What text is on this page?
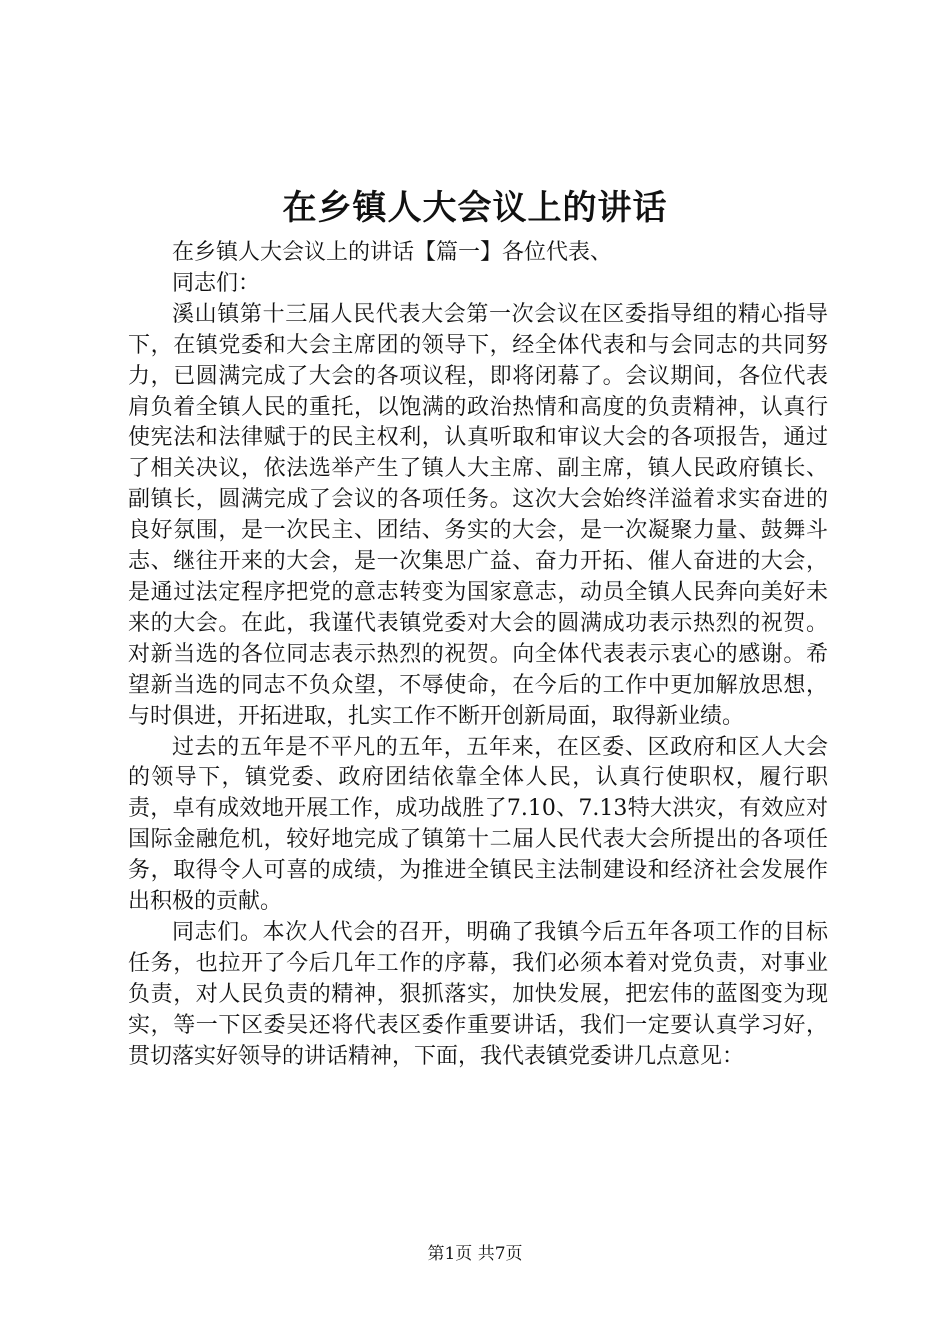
在乡镇人大会议上的讲话

在乡镇人大会议上的讲话【篇一】各位代表、

同志们：

溪山镇第十三届人民代表大会第一次会议在区委指导组的精心指导下，在镇党委和大会主席团的领导下，经全体代表和与会同志的共同努力，已圆满完成了大会的各项议程，即将闭幕了。会议期间，各位代表肩负着全镇人民的重托，以饱满的政治热情和高度的负责精神，认真行使宪法和法律赋于的民主权利，认真听取和审议大会的各项报告，通过了相关决议，依法选举产生了镇人大主席、副主席，镇人民政府镇长、副镇长，圆满完成了会议的各项任务。这次大会始终洋溢着求实奋进的良好氛围，是一次民主、团结、务实的大会，是一次凝聚力量、鼓舞斗志、继往开来的大会，是一次集思广益、奋力开拓、催人奋进的大会，是通过法定程序把党的意志转变为国家意志，动员全镇人民奔向美好未来的大会。在此，我谨代表镇党委对大会的圆满成功表示热烈的祝贺。对新当选的各位同志表示热烈的祝贺。向全体代表表示衷心的感谢。希望新当选的同志不负众望，不辱使命，在今后的工作中更加解放思想，与时俱进，开拓进取，扎实工作不断开创新局面，取得新业绩。

过去的五年是不平凡的五年，五年来，在区委、区政府和区人大会的领导下，镇党委、政府团结依靠全体人民，认真行使职权，履行职责，卓有成效地开展工作，成功战胜了7.10、7.13特大洪灾，有效应对国际金融危机，较好地完成了镇第十二届人民代表大会所提出的各项任务，取得令人可喜的成绩，为推进全镇民主法制建设和经济社会发展作出积极的贡献。

同志们。本次人代会的召开，明确了我镇今后五年各项工作的目标任务，也拉开了今后几年工作的序幕，我们必须本着对党负责，对事业负责，对人民负责的精神，狠抓落实，加快发展，把宏伟的蓝图变为现实，等一下区委吴还将代表区委作重要讲话，我们一定要认真学习好，贯切落实好领导的讲话精神，下面，我代表镇党委讲几点意见：

第1页 共7页
